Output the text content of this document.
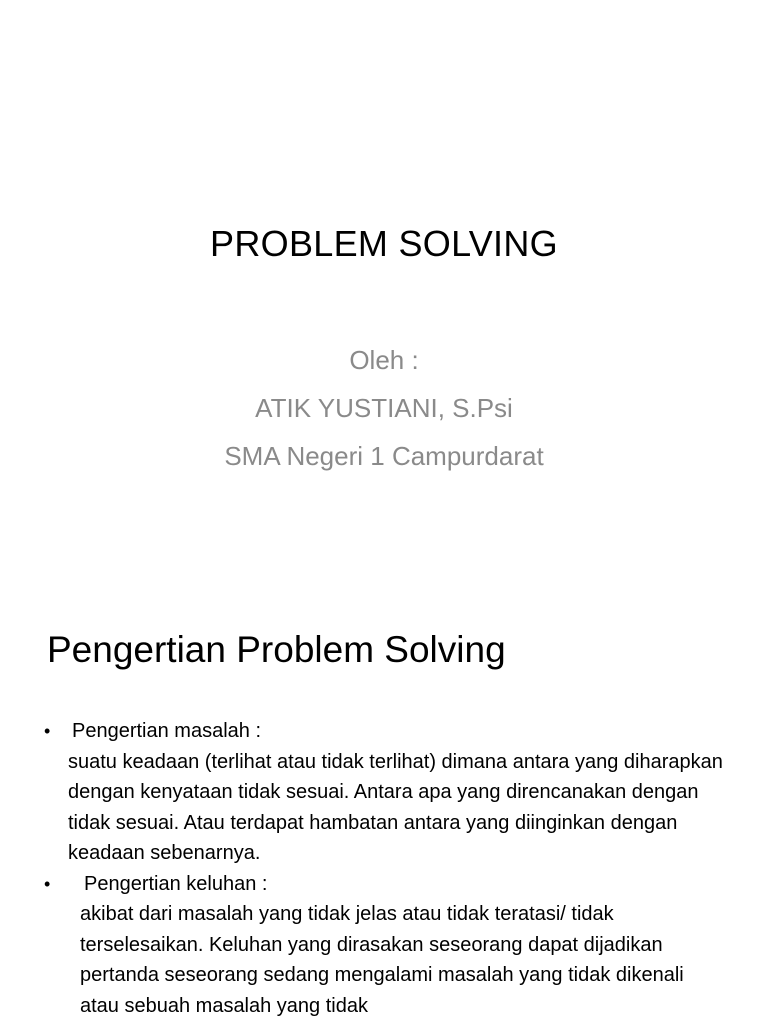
PROBLEM SOLVING
Oleh :
ATIK YUSTIANI, S.Psi
SMA Negeri 1 Campurdarat
Pengertian Problem Solving
•	Pengertian masalah :

suatu keadaan (terlihat atau tidak terlihat) dimana antara yang diharapkan dengan kenyataan tidak sesuai. Antara apa yang direncanakan dengan tidak sesuai. Atau terdapat hambatan antara yang diinginkan dengan keadaan sebenarnya.

•	Pengertian keluhan :

akibat dari masalah yang tidak jelas atau tidak teratasi/ tidak terselesaikan. Keluhan yang dirasakan seseorang dapat dijadikan pertanda seseorang sedang mengalami masalah yang tidak dikenali atau sebuah masalah yang tidak
